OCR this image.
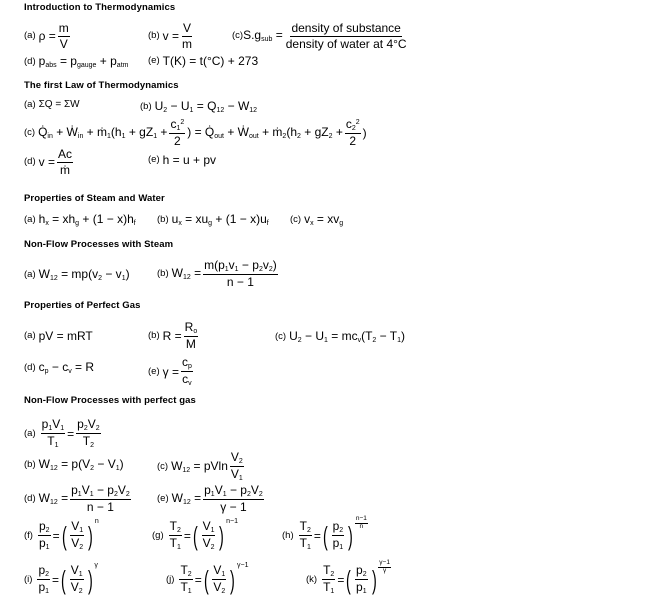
Introduction to Thermodynamics
(a) $\rho = \frac{m}{V}$	(b) $v = \frac{V}{m}$	(c) $S.g_{sub}$ =
density of substance
density of water at 4°C
(d) $p_{abs} = p_{gauge} + p_{atm}$ (e) T(K) = t(°C) + 273
The first Law of Thermodynamics
(a) ΣQ = ΣW	(b) $U_2 - U_1 = Q_{12} - W_{12}$
(c) $Q̇_{in}$ + Ẇ$_{in}$ + $ṁ_1(h_1 + gZ_1 + \frac{c_1^2}{2}$ ) = $Q̇_{out}$ + Ẇ$_{out}$ + $ṁ_2(h_2 + gZ_2 + \frac{c_2^2}{2}$ )
(d) $v = \frac{Ac}{\text{ṁ}}$	(e) h = u + pv
Properties of Steam and Water
(a) $h_x = xh_g + (1 - x)h_f$ (b) $u_x = xu_g + (1 - x)u_f$ (c) $v_x = xv_g$
Non-Flow Processes with Steam
(a) $W_{12} = mp(v_2 - v_1)$	(b) $W_{12} = \frac{m(p_1v_1 - p_2v_2)}{n - 1}$
Properties of Perfect Gas
(a) pV = mRT	(b) $R = \frac{R_o}{M}$	(c) $U_2 - U_1 = mc_v(T_2 - T_1)$
(d) $c_p - c_v = R$	(e) $\gamma = \frac{c_p}{c_v}$
Non-Flow Processes with perfect gas
$(a) \frac{p_1V_1}{T_1} = \frac{p_2V_2}{T_2}$
(b) $W_{12} = p(V_2 - V_1)$	(c) $W_{12} = pVln$
$V_2$
$V_1$
(d) $W_{12} = \frac{p_1V_1 - p_2V_2}{n - 1}$	(e) $W_{12} = \frac{p_1V_1 - p_2V_2}{\gamma - 1}$
$(f) \frac{p_2}{p_1}$ = ( $V_1$
$V_2$ ) n
$(g) \frac{T_2}{T_1}$ = ( $V_1$
$V_2$ ) n−1
$(h) \frac{T_2}{T_1}$ = ( $p_2$
$p_1$ )
n−1
n
$(i) \frac{p_2}{p_1}$ = ( $V_1$
$V_2$ ) γ
$(j) \frac{T_2}{T_1}$ = ( $V_1$
$V_2$ ) γ−1
$(k) \frac{T_2}{T_1}$ = ( $p_2$
$p_1$ )
γ−1
γ
